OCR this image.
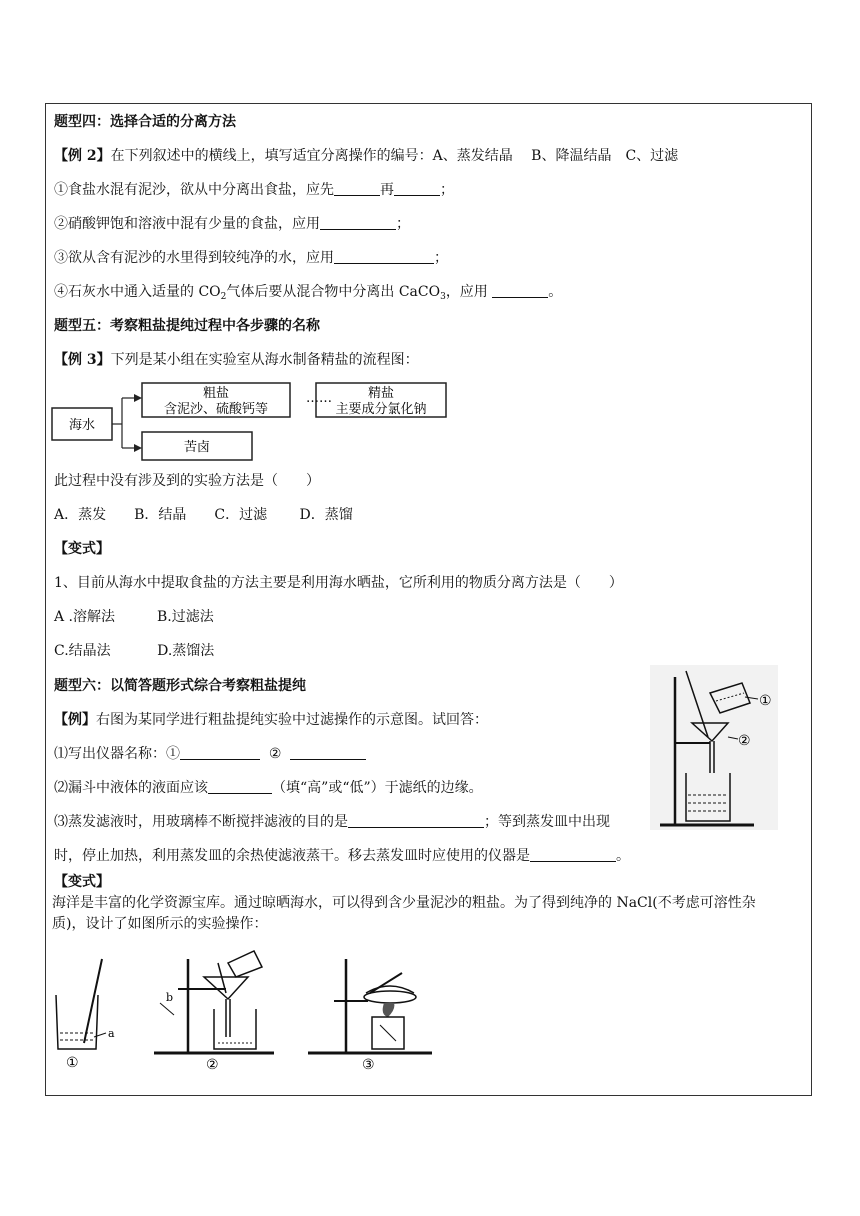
题型四：选择合适的分离方法
【例 2】在下列叙述中的横线上，填写适宜分离操作的编号：A、蒸发结晶　 B、降温结晶　C、过滤
①食盐水混有泥沙，欲从中分离出食盐，应先	再	；
②硝酸钾饱和溶液中混有少量的食盐，应用	；
③欲从含有泥沙的水里得到较纯净的水，应用	；
④石灰水中通入适量的 $CO_2$气体后要从混合物中分离出 CaCO$_3$，应用	。
题型五：考察粗盐提纯过程中各步骤的名称
【例 3】下列是某小组在实验室从海水制备精盐的流程图：
海水
粗盐
含泥沙、硫酸钙等
……	精盐
主要成分氯化钠
苦卤
此过程中没有涉及到的实验方法是（　　）
A．蒸发　　B．结晶　　C．过滤　　 D．蒸馏
【变式】
1、目前从海水中提取食盐的方法主要是利用海水晒盐，它所利用的物质分离方法是（　　）
A .溶解法　　　B.过滤法
C.结晶法　　　 D.蒸馏法
题型六：以简答题形式综合考察粗盐提纯
【例】右图为某同学进行粗盐提纯实验中过滤操作的示意图。试回答：
⑴写出仪器名称：①	②
⑵漏斗中液体的液面应该	（填“高”或“低”）于滤纸的边缘。
⑶蒸发滤液时，用玻璃棒不断搅拌滤液的目的是	；等到蒸发皿中出现
时，停止加热，利用蒸发皿的余热使滤液蒸干。移去蒸发皿时应使用的仪器是	。
①
②
【变式】
海洋是丰富的化学资源宝库。通过晾晒海水，可以得到含少量泥沙的粗盐。为了得到纯净的 NaCl(不考虑可溶性杂
质)，设计了如图所示的实验操作：
a
①
b
②	③
